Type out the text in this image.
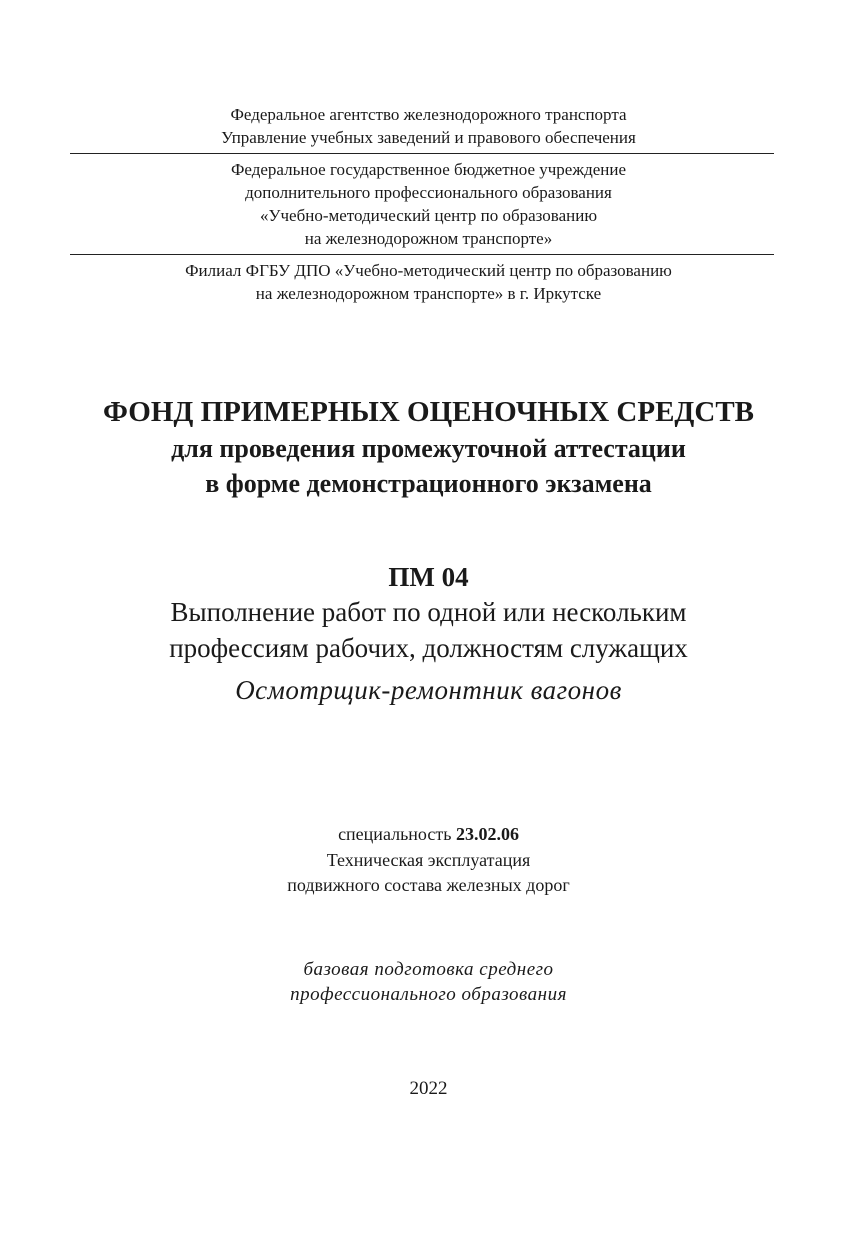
Федеральное агентство железнодорожного транспорта
Управление учебных заведений и правового обеспечения
Федеральное государственное бюджетное учреждение
дополнительного профессионального образования
«Учебно-методический центр по образованию
на железнодорожном транспорте»
Филиал ФГБУ ДПО «Учебно-методический центр по образованию
на железнодорожном транспорте» в г. Иркутске
ФОНД ПРИМЕРНЫХ ОЦЕНОЧНЫХ СРЕДСТВ
для проведения промежуточной аттестации
в форме демонстрационного экзамена
ПМ 04
Выполнение работ по одной или нескольким
профессиям рабочих, должностям служащих
Осмотрщик-ремонтник вагонов
специальность 23.02.06
Техническая эксплуатация
подвижного состава железных дорог
базовая подготовка среднего
профессионального образования
2022
